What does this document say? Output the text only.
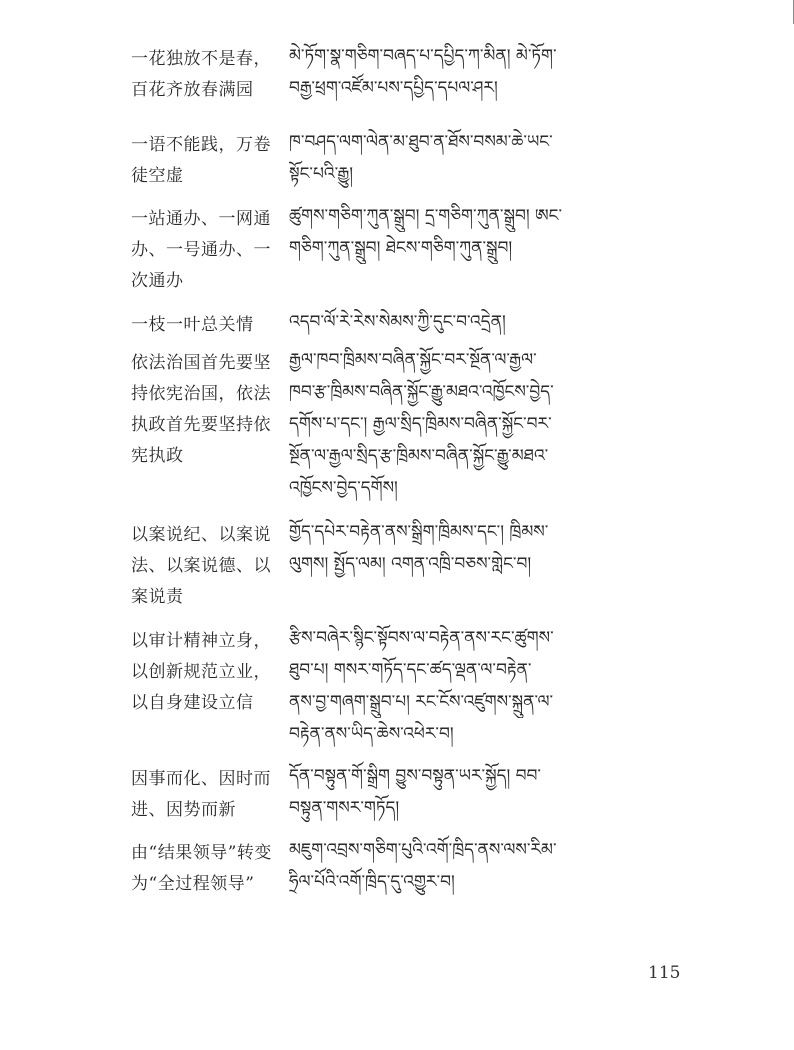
一花独放不是春，
百花齐放春满园
མེ་ཏོག་སྣ་གཅིག་བཞད་པ་དཔྱིད་ཀ་མིན། མེ་ཏོག་
བརྒྱ་ཕྲག་འཛོམ་པས་དཔྱིད་དཔལ་ཤར།
一语不能践，万卷
徒空虚
ཁ་བཤད་ལག་ལེན་མ་ཐུབ་ན་ཐོས་བསམ་ཆེ་ཡང་
སྟོང་པའི་རྒྱུ།
一站通办、一网通
办、一号通办、一
次通办
ཚུགས་གཅིག་ཀུན་སྒྲུབ། དྲ་གཅིག་ཀུན་སྒྲུབ། ཨང་
གཅིག་ཀུན་སྒྲུབ། ཐེངས་གཅིག་ཀུན་སྒྲུབ།
一枝一叶总关情	འདབ་ལོ་རེ་རེས་སེམས་ཀྱི་དུང་བ་འདྲེན།
依法治国首先要坚
持依宪治国，依法
执政首先要坚持依
宪执政
རྒྱལ་ཁབ་ཁྲིམས་བཞིན་སྐྱོང་བར་སྔོན་ལ་རྒྱལ་
ཁབ་རྩ་ཁྲིམས་བཞིན་སྐྱོང་རྒྱུ་མཐའ་འཁྱོངས་བྱེད་
དགོས་པ་དང་། རྒྱལ་སྲིད་ཁྲིམས་བཞིན་སྐྱོང་བར་
སྔོན་ལ་རྒྱལ་སྲིད་རྩ་ཁྲིམས་བཞིན་སྐྱོང་རྒྱུ་མཐའ་
འཁྱོངས་བྱེད་དགོས།
以案说纪、以案说
法、以案说德、以
案说责
གྱོད་དཔེར་བརྟེན་ནས་སྒྲིག་ཁྲིམས་དང་། ཁྲིམས་
ལུགས། སྤྱོད་ལམ། འགན་འཁྲི་བཅས་གླེང་བ།
以审计精神立身，
以创新规范立业，
以自身建设立信
རྩིས་བཞེར་སྙིང་སྟོབས་ལ་བརྟེན་ནས་རང་ཚུགས་
ཐུབ་པ། གསར་གཏོད་དང་ཚད་ལྡན་ལ་བརྟེན་
ནས་བྱ་གཞག་སྒྲུབ་པ། རང་ངོས་འཛུགས་སྐྲུན་ལ་
བརྟེན་ནས་ཡིད་ཆེས་འཕེར་བ།
因事而化、因时而
进、因势而新
དོན་བསྟུན་གོ་སྒྲིག བྱུས་བསྟུན་ཡར་སྐྱོད། བབ་
བསྟུན་གསར་གཏོད།
由“结果领导”转变
为“全过程领导”
མཇུག་འབྲས་གཅིག་པུའི་འགོ་ཁྲིད་ནས་ལས་རིམ་
ཧྲིལ་པོའི་འགོ་ཁྲིད་དུ་འགྱུར་བ།
115
